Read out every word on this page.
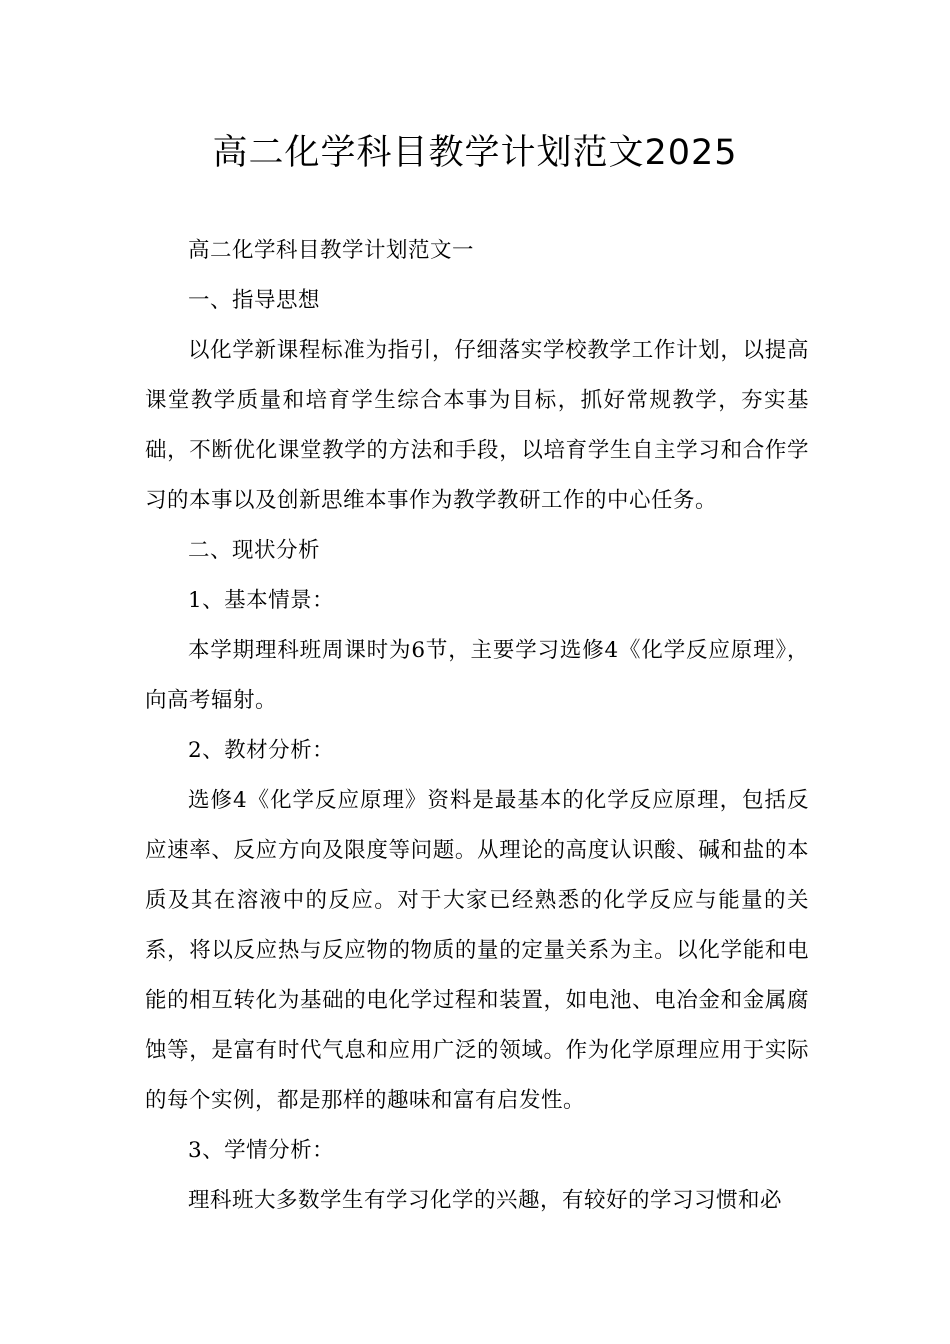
高二化学科目教学计划范文2025

高二化学科目教学计划范文一

一、指导思想

以化学新课程标准为指引，仔细落实学校教学工作计划，以提高课堂教学质量和培育学生综合本事为目标，抓好常规教学，夯实基础，不断优化课堂教学的方法和手段，以培育学生自主学习和合作学习的本事以及创新思维本事作为教学教研工作的中心任务。

二、现状分析

1、基本情景：

本学期理科班周课时为6节，主要学习选修4《化学反应原理》，向高考辐射。

2、教材分析：

选修4《化学反应原理》资料是最基本的化学反应原理，包括反应速率、反应方向及限度等问题。从理论的高度认识酸、碱和盐的本质及其在溶液中的反应。对于大家已经熟悉的化学反应与能量的关系，将以反应热与反应物的物质的量的定量关系为主。以化学能和电能的相互转化为基础的电化学过程和装置，如电池、电冶金和金属腐蚀等，是富有时代气息和应用广泛的领域。作为化学原理应用于实际的每个实例，都是那样的趣味和富有启发性。

3、学情分析：

理科班大多数学生有学习化学的兴趣，有较好的学习习惯和必
